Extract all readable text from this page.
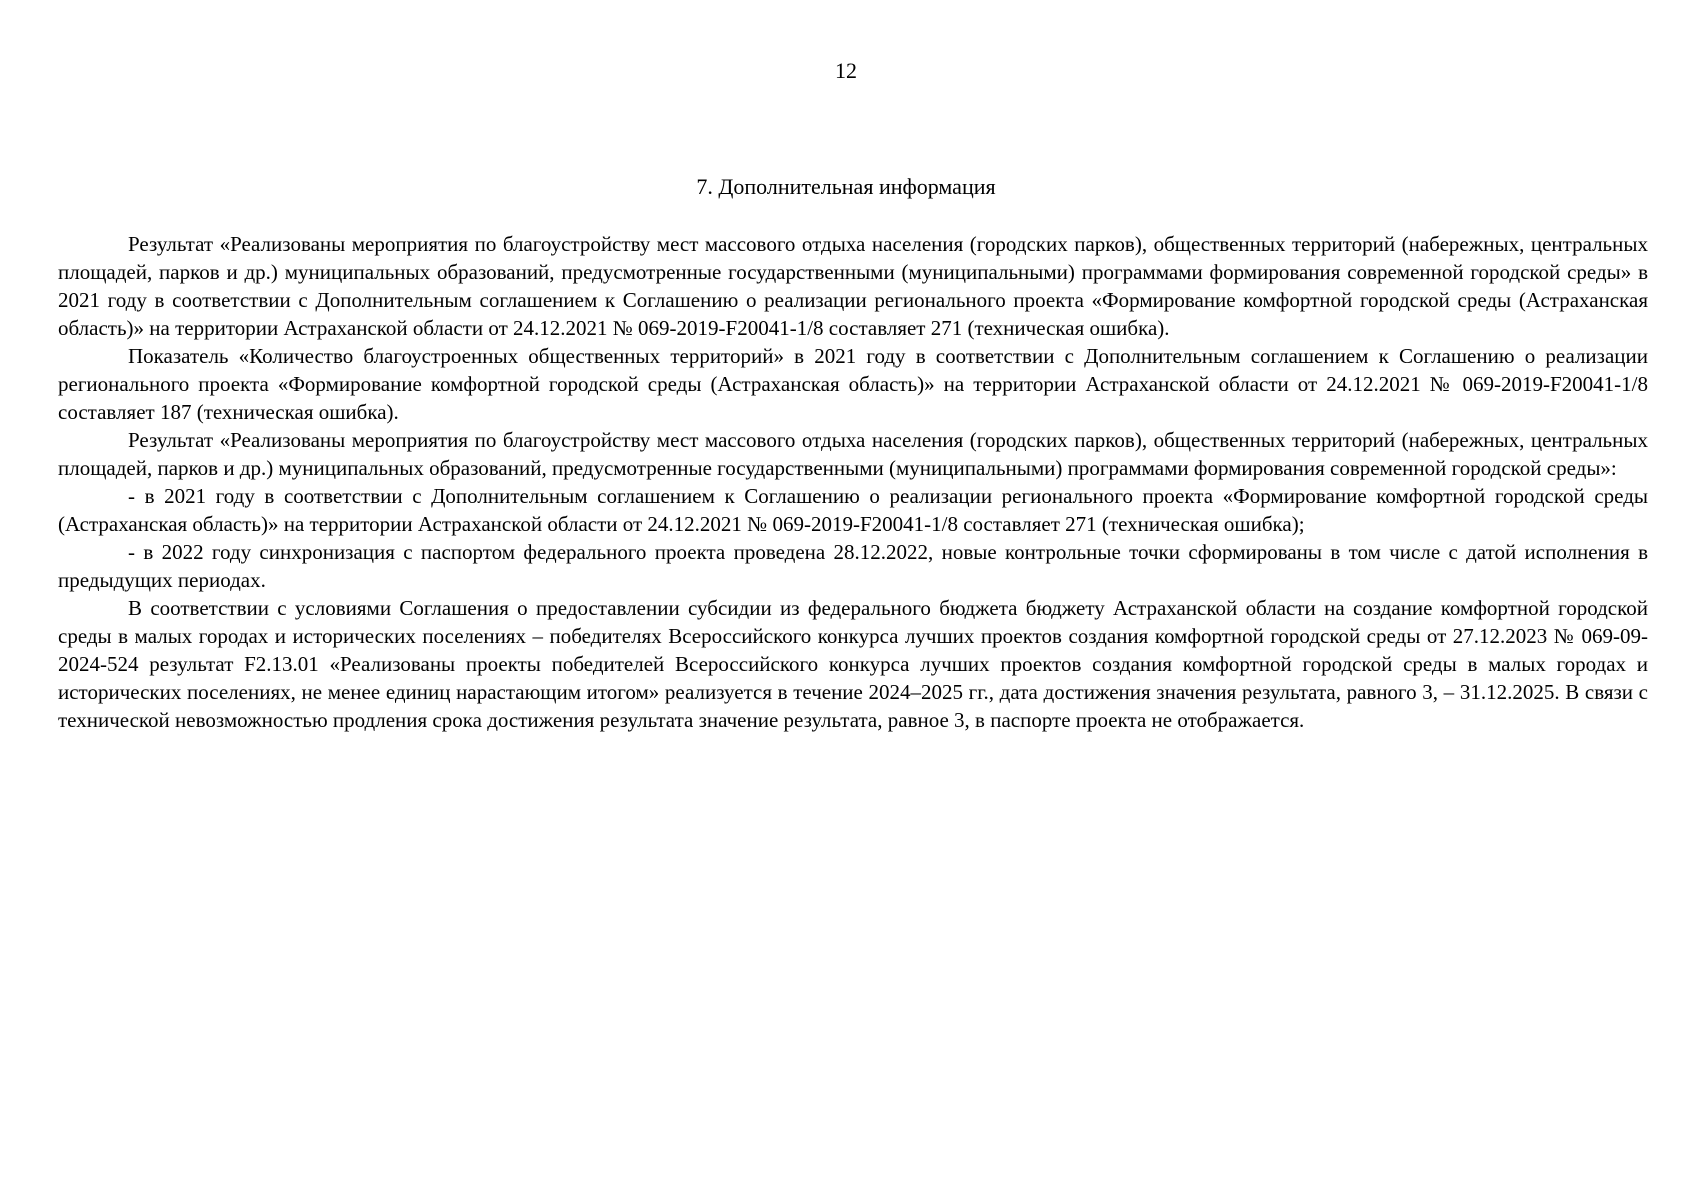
12
7. Дополнительная информация

Результат «Реализованы мероприятия по благоустройству мест массового отдыха населения (городских парков), общественных территорий (набережных, центральных площадей, парков и др.) муниципальных образований, предусмотренные государственными (муниципальными) программами формирования современной городской среды» в 2021 году в соответствии с Дополнительным соглашением к Соглашению о реализации регионального проекта «Формирование комфортной городской среды (Астраханская область)» на территории Астраханской области от 24.12.2021 № 069-2019-F20041-1/8 составляет 271 (техническая ошибка).

Показатель «Количество благоустроенных общественных территорий» в 2021 году в соответствии с Дополнительным соглашением к Соглашению о реализации регионального проекта «Формирование комфортной городской среды (Астраханская область)» на территории Астраханской области от 24.12.2021 № 069-2019-F20041-1/8 составляет 187 (техническая ошибка).

Результат «Реализованы мероприятия по благоустройству мест массового отдыха населения (городских парков), общественных территорий (набережных, центральных площадей, парков и др.) муниципальных образований, предусмотренные государственными (муниципальными) программами формирования современной городской среды»:

- в 2021 году в соответствии с Дополнительным соглашением к Соглашению о реализации регионального проекта «Формирование комфортной городской среды (Астраханская область)» на территории Астраханской области от 24.12.2021 № 069-2019-F20041-1/8 составляет 271 (техническая ошибка);

- в 2022 году синхронизация с паспортом федерального проекта проведена 28.12.2022, новые контрольные точки сформированы в том числе с датой исполнения в предыдущих периодах.

В соответствии с условиями Соглашения о предоставлении субсидии из федерального бюджета бюджету Астраханской области на создание комфортной городской среды в малых городах и исторических поселениях – победителях Всероссийского конкурса лучших проектов создания комфортной городской среды от 27.12.2023 № 069-09-2024-524 результат F2.13.01 «Реализованы проекты победителей Всероссийского конкурса лучших проектов создания комфортной городской среды в малых городах и исторических поселениях, не менее единиц нарастающим итогом» реализуется в течение 2024–2025 гг., дата достижения значения результата, равного 3, – 31.12.2025. В связи с технической невозможностью продления срока достижения результата значение результата, равное 3, в паспорте проекта не отображается.
